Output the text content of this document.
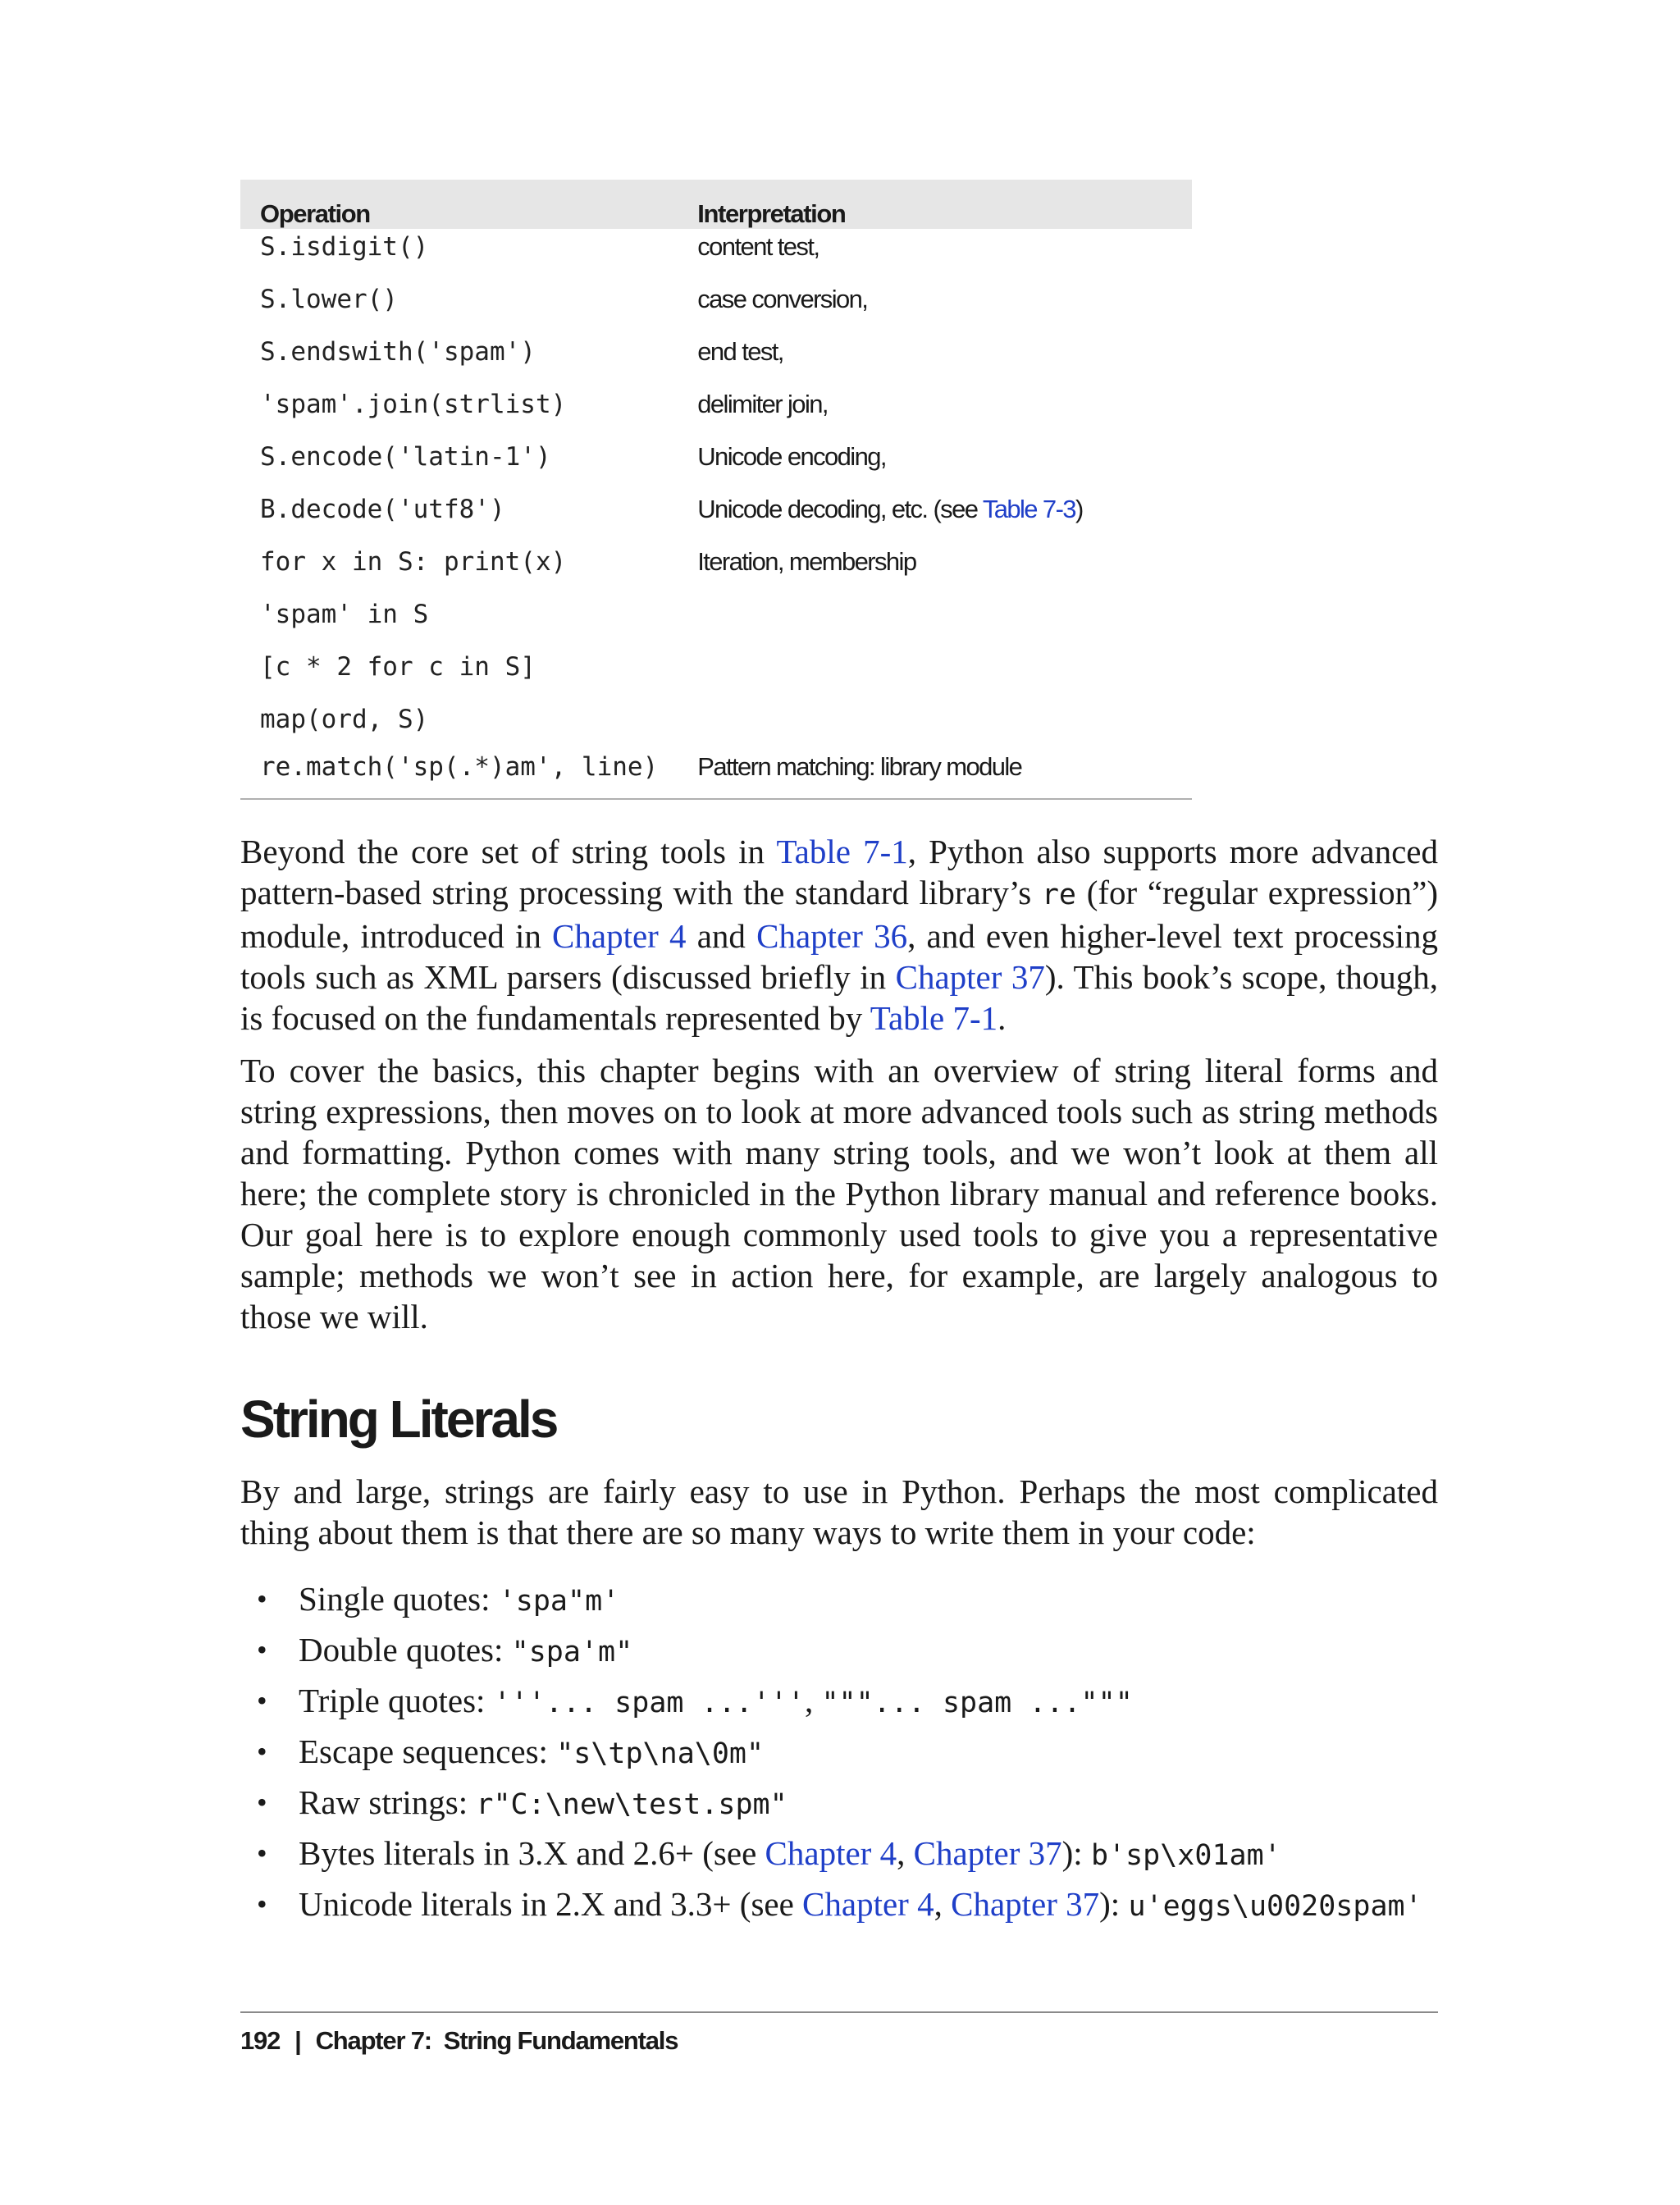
Operation	Interpretation
S.isdigit()	content test,
S.lower()	case conversion,
S.endswith('spam')	end test,
'spam'.join(strlist)	delimiter join,
S.encode('latin-1')	Unicode encoding,
B.decode('utf8')	Unicode decoding, etc. (see Table 7-3)
for x in S: print(x)	Iteration, membership
'spam' in S	
[c * 2 for c in S]	
map(ord, S)	
re.match('sp(.*)am', line)	Pattern matching: library module

Beyond the core set of string tools in Table 7-1, Python also supports more advanced pattern-based string processing with the standard library’s re (for “regular expression”) module, introduced in Chapter 4 and Chapter 36, and even higher-level text processing tools such as XML parsers (discussed briefly in Chapter 37). This book’s scope, though, is focused on the fundamentals represented by Table 7-1.

To cover the basics, this chapter begins with an overview of string literal forms and string expressions, then moves on to look at more advanced tools such as string methods and formatting. Python comes with many string tools, and we won’t look at them all here; the complete story is chronicled in the Python library manual and reference books. Our goal here is to explore enough commonly used tools to give you a representative sample; methods we won’t see in action here, for example, are largely analogous to those we will.

String Literals

By and large, strings are fairly easy to use in Python. Perhaps the most complicated thing about them is that there are so many ways to write them in your code:

• Single quotes: 'spa"m'
• Double quotes: "spa'm"
• Triple quotes: '''... spam ...''', """... spam ..."""
• Escape sequences: "s\tp\na\0m"
• Raw strings: r"C:\new\test.spm"
• Bytes literals in 3.X and 2.6+ (see Chapter 4, Chapter 37): b'sp\x01am'
• Unicode literals in 2.X and 3.3+ (see Chapter 4, Chapter 37): u'eggs\u0020spam'
192 | Chapter 7:  String Fundamentals
